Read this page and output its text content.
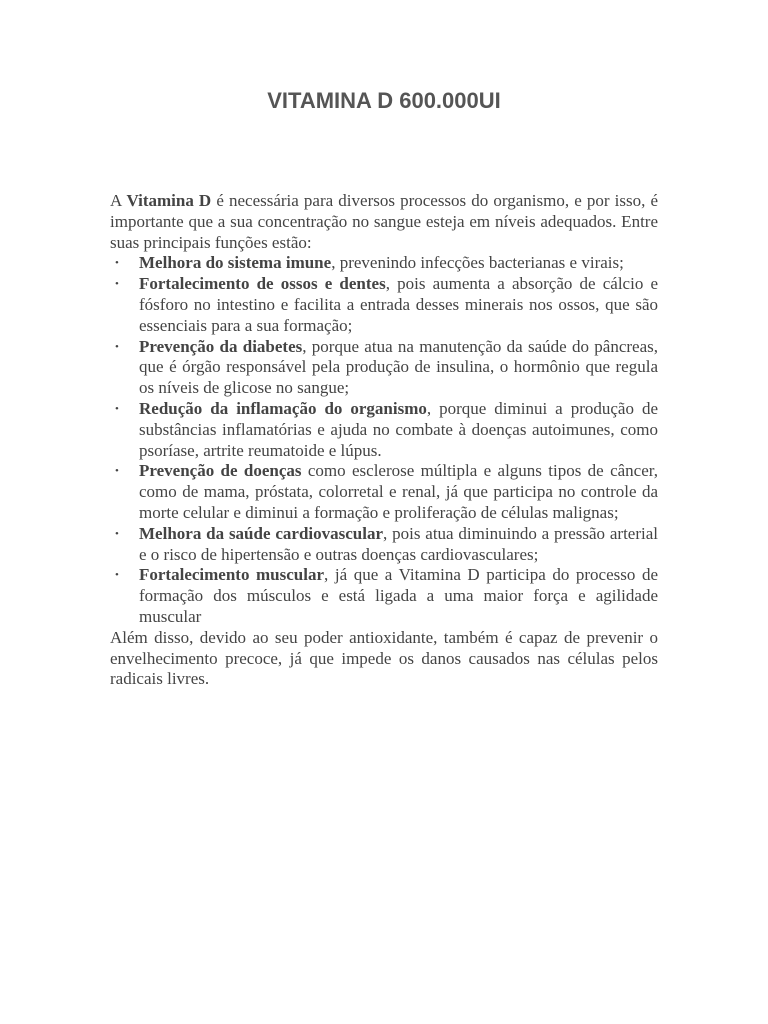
VITAMINA D 600.000UI

A Vitamina D é necessária para diversos processos do organismo, e por isso, é importante que a sua concentração no sangue esteja em níveis adequados. Entre suas principais funções estão:

• Melhora do sistema imune, prevenindo infecções bacterianas e virais;
• Fortalecimento de ossos e dentes, pois aumenta a absorção de cálcio e fósforo no intestino e facilita a entrada desses minerais nos ossos, que são essenciais para a sua formação;
• Prevenção da diabetes, porque atua na manutenção da saúde do pâncreas, que é órgão responsável pela produção de insulina, o hormônio que regula os níveis de glicose no sangue;
• Redução da inflamação do organismo, porque diminui a produção de substâncias inflamatórias e ajuda no combate à doenças autoimunes, como psoríase, artrite reumatoide e lúpus.
• Prevenção de doenças como esclerose múltipla e alguns tipos de câncer, como de mama, próstata, colorretal e renal, já que participa no controle da morte celular e diminui a formação e proliferação de células malignas;
• Melhora da saúde cardiovascular, pois atua diminuindo a pressão arterial e o risco de hipertensão e outras doenças cardiovasculares;
• Fortalecimento muscular, já que a Vitamina D participa do processo de formação dos músculos e está ligada a uma maior força e agilidade muscular

Além disso, devido ao seu poder antioxidante, também é capaz de prevenir o envelhecimento precoce, já que impede os danos causados nas células pelos radicais livres.
